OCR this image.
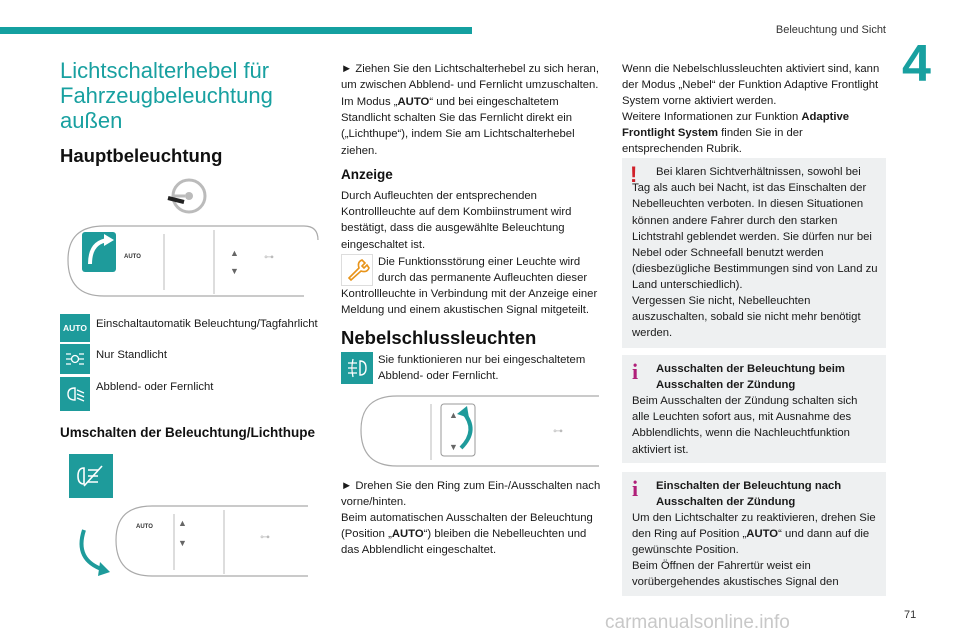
Beleuchtung und Sicht
4
Lichtschalterhebel für Fahrzeugbeleuchtung außen
Hauptbeleuchtung
AUTO	▲
▼
⊶
AUTO Einschaltautomatik Beleuchtung/Tagfahrlicht

Nur Standlicht

Abblend- oder Fernlicht

Umschalten der Beleuchtung/Lichthupe
AUTO	▲
▼	⊶

► Ziehen Sie den Lichtschalterhebel zu sich heran, um zwischen Abblend- und Fernlicht umzuschalten.

Im Modus „AUTO“ und bei eingeschaltetem Standlicht schalten Sie das Fernlicht direkt ein („Lichthupe“), indem Sie am Lichtschalterhebel ziehen.

Anzeige

Durch Aufleuchten der entsprechenden Kontrollleuchte auf dem Kombiinstrument wird bestätigt, dass die ausgewählte Beleuchtung eingeschaltet ist.

Die Funktionsstörung einer Leuchte wird durch das permanente Aufleuchten dieser

Kontrollleuchte in Verbindung mit der Anzeige einer Meldung und einem akustischen Signal mitgeteilt.

Nebelschlussleuchten

Sie funktionieren nur bei eingeschaltetem Abblend- oder Fernlicht.

▲
▼
⊶

► Drehen Sie den Ring zum Ein-/Ausschalten nach vorne/hinten.

Beim automatischen Ausschalten der Beleuchtung (Position „AUTO“) bleiben die Nebelleuchten und das Abblendlicht eingeschaltet.

Wenn die Nebelschlussleuchten aktiviert sind, kann der Modus „Nebel“ der Funktion Adaptive Frontlight System vorne aktiviert werden.

Weitere Informationen zur Funktion Adaptive Frontlight System finden Sie in der entsprechenden Rubrik.

!	Bei klaren Sichtverhältnissen, sowohl bei Tag als auch bei Nacht, ist das Einschalten der Nebelleuchten verboten. In diesen Situationen können andere Fahrer durch den starken Lichtstrahl geblendet werden. Sie dürfen nur bei Nebel oder Schneefall benutzt werden (diesbezügliche Bestimmungen sind von Land zu Land unterschiedlich).

Vergessen Sie nicht, Nebelleuchten auszuschalten, sobald sie nicht mehr benötigt werden.

i Ausschalten der Beleuchtung beim Ausschalten der Zündung

Beim Ausschalten der Zündung schalten sich alle Leuchten sofort aus, mit Ausnahme des Abblendlichts, wenn die Nachleuchtfunktion aktiviert ist.

i Einschalten der Beleuchtung nach Ausschalten der Zündung

Um den Lichtschalter zu reaktivieren, drehen Sie den Ring auf Position „AUTO“ und dann auf die gewünschte Position.

Beim Öffnen der Fahrertür weist ein vorübergehendes akustisches Signal den

carmanualsonline.info	71
